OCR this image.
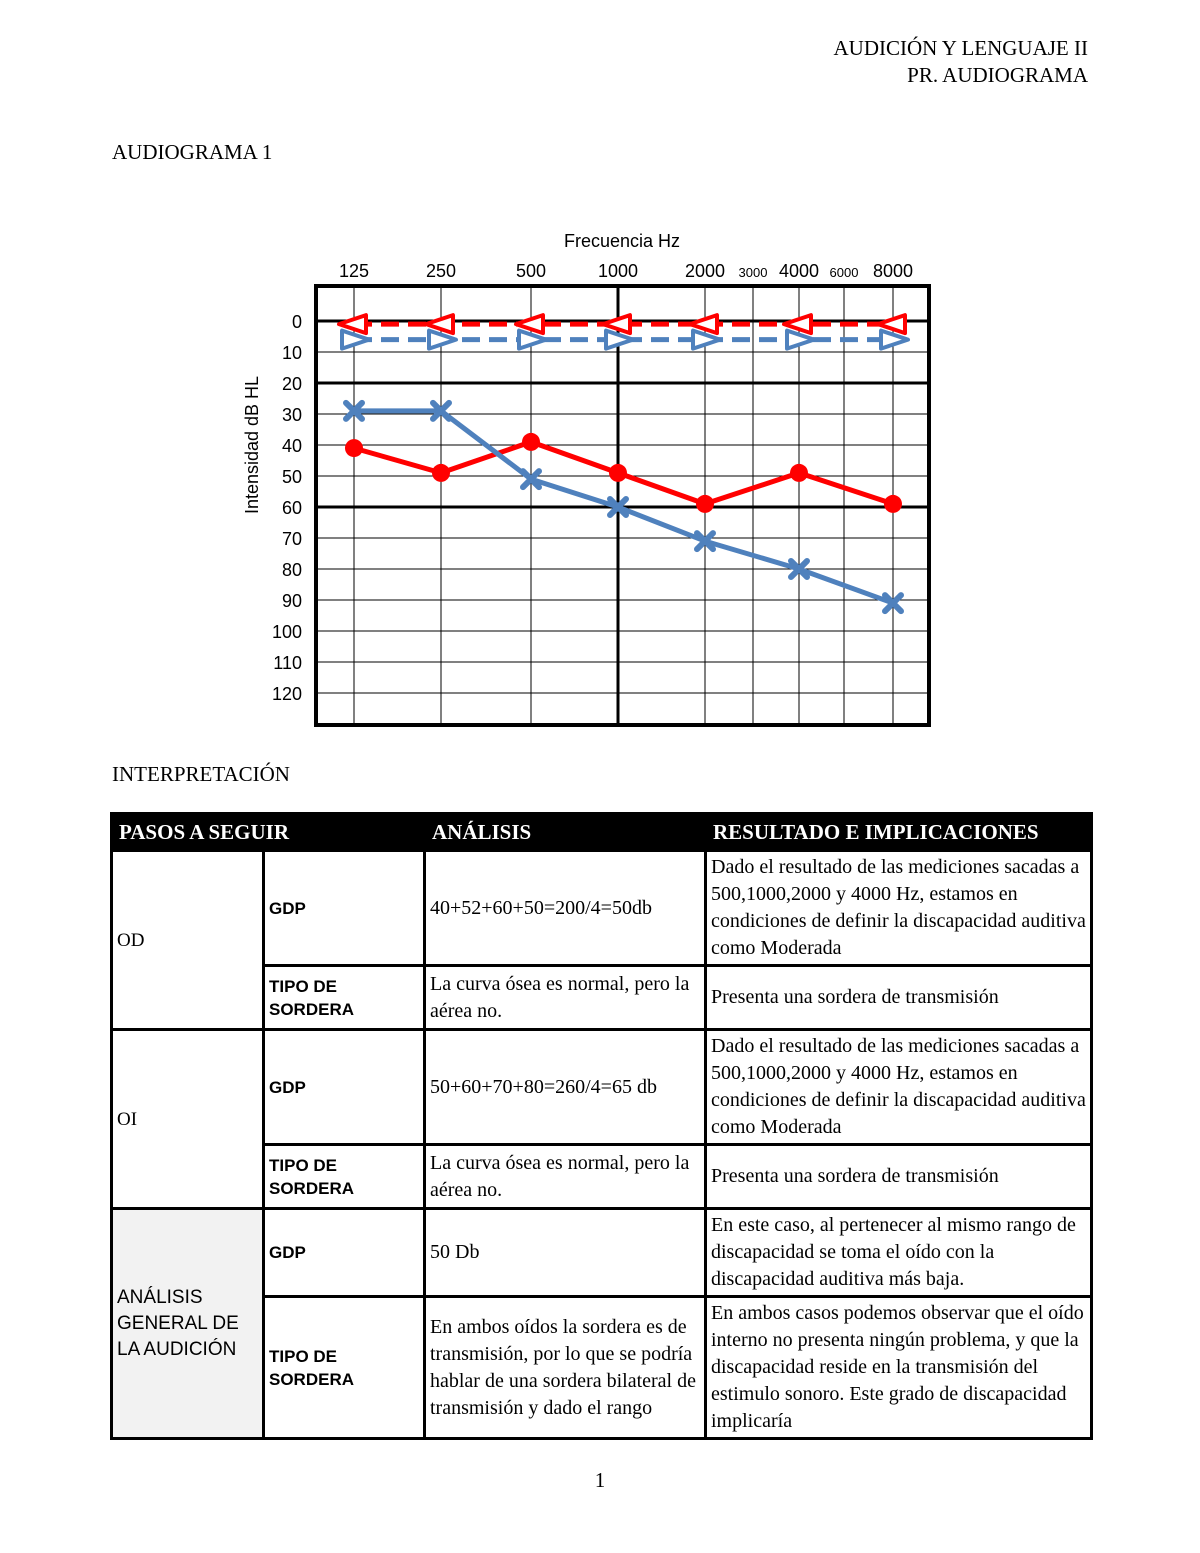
AUDICIÓN Y LENGUAJE II
PR. AUDIOGRAMA
AUDIOGRAMA 1
0
10
20
30
40
50
60
70
80
90
100
110
120
125	250	500	1000	2000	4000	8000
3000	6000
Frecuencia Hz
Intensidad dB HL
INTERPRETACIÓN
PASOS A SEGUIR		ANÁLISIS	RESULTADO E IMPLICACIONES
OD	GDP	40+52+60+50=200/4=50db	Dado el resultado de las mediciones sacadas a 500,1000,2000 y 4000 Hz, estamos en condiciones de definir la discapacidad auditiva como Moderada
	TIPO DE SORDERA	La curva ósea es normal, pero la aérea no.	Presenta una sordera de transmisión
OI	GDP	50+60+70+80=260/4=65 db	Dado el resultado de las mediciones sacadas a 500,1000,2000 y 4000 Hz, estamos en condiciones de definir la discapacidad auditiva como Moderada
	TIPO DE SORDERA	La curva ósea es normal, pero la aérea no.	Presenta una sordera de transmisión
ANÁLISIS GENERAL DE LA AUDICIÓN	GDP	50 Db	En este caso, al pertenecer al mismo rango de discapacidad se toma el oído con la discapacidad auditiva más baja.
	TIPO DE SORDERA	En ambos oídos la sordera es de transmisión, por lo que se podría hablar de una sordera bilateral de transmisión y dado el rango	En ambos casos podemos observar que el oído interno no presenta ningún problema, y que la discapacidad reside en la transmisión del estimulo sonoro. Este grado de discapacidad implicaría
1
